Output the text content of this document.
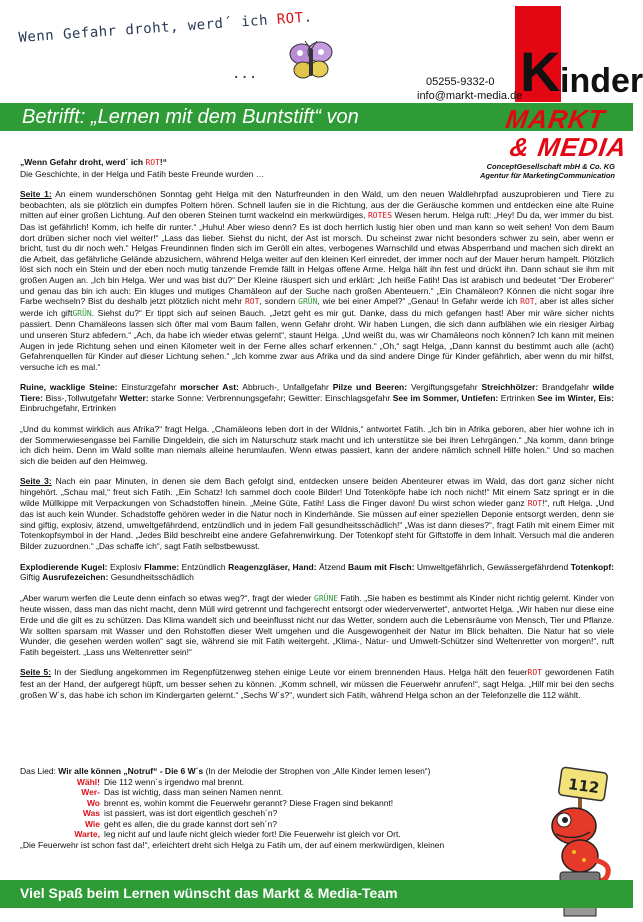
Wenn Gefahr droht, werd´ ich ROT.
...	K inder
05255-9332-0
info@markt-media.de
Betrifft: „Lernen mit dem Buntstift“ von	MARKT
& MEDIA
ConceptGesellschaft mbH & Co. KG
Agentur für MarketingCommunication

„Wenn Gefahr droht, werd´ ich ROT!“
Die Geschichte, in der Helga und Fatih beste Freunde wurden …

Seite 1: An einem wunderschönen Sonntag geht Helga mit den Naturfreunden in den Wald, um den neuen Waldlehrpfad auszuprobieren und Tiere zu beobachten, als sie plötzlich ein dumpfes Poltern hören. Schnell laufen sie in die Richtung, aus der die Geräusche kommen und entdecken eine alte Ruine mitten auf einer großen Lichtung. Auf den oberen Steinen turnt wackelnd ein merkwürdiges, ROTES Wesen herum. Helga ruft: „Hey! Du da, wer immer du bist. Das ist gefährlich! Komm, ich helfe dir runter.“ „Huhu! Aber wieso denn? Es ist doch herrlich lustig hier oben und man kann so weit sehen! Von dem Baum dort drüben sicher noch viel weiter!“ „Lass das lieber. Siehst du nicht, der Ast ist morsch. Du scheinst zwar nicht besonders schwer zu sein, aber wenn er bricht, tust du dir noch weh.“ Helgas Freundinnen finden sich im Geröll ein altes, verbogenes Warnschild und etwas Absperrband und machen sich direkt an die Arbeit, das gefährliche Gelände abzusichern, während Helga weiter auf den kleinen Kerl einredet, der immer noch auf der Mauer herum hampelt. Plötzlich löst sich noch ein Stein und der eben noch mutig tanzende Fremde fällt in Helgas offene Arme. Helga hält ihn fest und drückt ihn. Dann schaut sie ihm mit großen Augen an. „Ich bin Helga. Wer und was bist du?“ Der Kleine räuspert sich und erklärt: „Ich heiße Fatih! Das ist arabisch und bedeutet “Der Eroberer“ und genau das bin ich auch: Ein kluges und mutiges Chamäleon auf der Suche nach großen Abenteuern.“ „Ein Chamäleon? Können die nicht sogar ihre Farbe wechseln? Bist du deshalb jetzt plötzlich nicht mehr ROT, sondern GRÜN, wie bei einer Ampel?“ „Genau! In Gefahr werde ich ROT, aber ist alles sicher werde ich giftGRÜN. Siehst du?“ Er tippt sich auf seinen Bauch. „Jetzt geht es mir gut. Danke, dass du mich gefangen hast! Aber mir wäre sicher nichts passiert. Denn Chamäleons lassen sich öfter mal vom Baum fallen, wenn Gefahr droht. Wir haben Lungen, die sich dann aufblähen wie ein riesiger Airbag und unseren Sturz abfedern.“ „Ach, da habe ich wieder etwas gelernt“, staunt Helga. „Und weißt du, was wir Chamäleons noch können? Ich kann mit meinen Augen in jede Richtung sehen und einen Kilometer weit in der Ferne alles scharf erkennen.“ „Oh,“ sagt Helga, „Dann kannst du bestimmt auch alle (acht) Gefahrenquellen für Kinder auf dieser Lichtung sehen.“ „Ich komme zwar aus Afrika und da sind andere Dinge für Kinder gefährlich, aber wenn du mir hilfst, versuche ich es mal.“

Ruine, wacklige Steine: Einsturzgefahr morscher Ast: Abbruch-, Unfallgefahr Pilze und Beeren: Vergiftungsgefahr Streichhölzer: Brandgefahr wilde Tiere: Biss-,Tollwutgefahr Wetter: starke Sonne: Verbrennungsgefahr; Gewitter: Einschlagsgefahr See im Sommer, Untiefen: Ertrinken See im Winter, Eis: Einbruchgefahr, Ertrinken

„Und du kommst wirklich aus Afrika?“ fragt Helga. „Chamäleons leben dort in der Wildnis,“ antwortet Fatih. „Ich bin in Afrika geboren, aber hier wohne ich in der Sommerwiesengasse bei Familie Dingeldein, die sich im Naturschutz stark macht und ich unterstütze sie bei ihren Lehrgängen.“ „Na komm, dann bringe ich dich heim. Denn im Wald sollte man niemals alleine herumlaufen. Wenn etwas passiert, kann der andere nämlich schnell Hilfe holen.“ Und so machen sich die beiden auf den Heimweg.

Seite 3: Nach ein paar Minuten, in denen sie dem Bach gefolgt sind, entdecken unsere beiden Abenteurer etwas im Wald, das dort ganz sicher nicht hingehört. „Schau mal,“ freut sich Fatih. „Ein Schatz! Ich sammel doch coole Bilder! Und Totenköpfe habe ich noch nicht!“ Mit einem Satz springt er in die wilde Müllkippe mit Verpackungen von Schadstoffen hinein. „Meine Güte, Fatih! Lass die Finger davon! Du wirst schon wieder ganz ROT!“, ruft Helga. „Und das ist auch kein Wunder. Schadstoffe gehören weder in die Natur noch in Kinderhände. Sie müssen auf einer speziellen Deponie entsorgt werden, denn sie sind giftig, explosiv, ätzend, umweltgefährdend, entzündlich und in jedem Fall gesundheitsschädlich!“ „Was ist dann dieses?“, fragt Fatih mit einem Eimer mit Totenkopfsymbol in der Hand. „Jedes Bild beschreibt eine andere Gefahrenwirkung. Der Totenkopf steht für Giftstoffe in dem Inhalt. Versuch mal die anderen Bilder zuzuordnen.“ „Das schaffe ich“, sagt Fatih selbstbewusst.

Explodierende Kugel: Explosiv Flamme: Entzündlich Reagenzgläser, Hand: Ätzend Baum mit Fisch: Umweltgefährlich, Gewässergefährdend Totenkopf: Giftig Ausrufezeichen: Gesundheitsschädlich

„Aber warum werfen die Leute denn einfach so etwas weg?“, fragt der wieder GRÜNE Fatih. „Sie haben es bestimmt als Kinder nicht richtig gelernt. Kinder von heute wissen, dass man das nicht macht, denn Müll wird getrennt und fachgerecht entsorgt oder wiederverwertet“, antwortet Helga. „Wir haben nur diese eine Erde und die gilt es zu schützen. Das Klima wandelt sich und beeinflusst nicht nur das Wetter, sondern auch die Lebensräume von Mensch, Tier und Pflanze. Wir sollten sparsam mit Wasser und den Rohstoffen dieser Welt umgehen und die Ausgewogenheit der Natur im Blick behalten. Die Natur hat so viele Wunder, die gesehen werden wollen“ sagt sie, während sie mit Fatih weitergeht. „Klima-, Natur- und Umwelt-Schützer sind Weltenretter von morgen!“, ruft Fatih begeistert. „Lass uns Weltenretter sein!“

Seite 5: In der Siedlung angekommen im Regenpfützenweg stehen einige Leute vor einem brennenden Haus. Helga hält den feuerROT gewordenen Fatih fest an der Hand, der aufgeregt hüpft, um besser sehen zu können. „Komm schnell, wir müssen die Feuerwehr anrufen!“, sagt Helga. „Hilf mir bei den sechs großen W´s, das habe ich schon im Kindergarten gelernt.“ „Sechs W´s?“, wundert sich Fatih, während Helga schon an der Telefonzelle die 112 wählt.

Das Lied: Wir alle können „Notruf“ - Die 6 W´s (In der Melodie der Strophen von „Alle Kinder lernen lesen“)
Wähl! Die 112 wenn´s irgendwo mal brennt.
Wer- Das ist wichtig, dass man seinen Namen nennt.
Wo brennt es, wohin kommt die Feuerwehr gerannt? Diese Fragen sind bekannt!
Was ist passiert, was ist dort eigentlich gescheh´n?
Wie geht es allen, die du grade kannst dort seh´n?
Warte, leg nicht auf und laufe nicht gleich wieder fort! Die Feuerwehr ist gleich vor Ort.
„Die Feuerwehr ist schon fast da!“, erleichtert dreht sich Helga zu Fatih um, der auf einem merkwürdigen, kleinen
112
Viel Spaß beim Lernen wünscht das Markt & Media-Team
